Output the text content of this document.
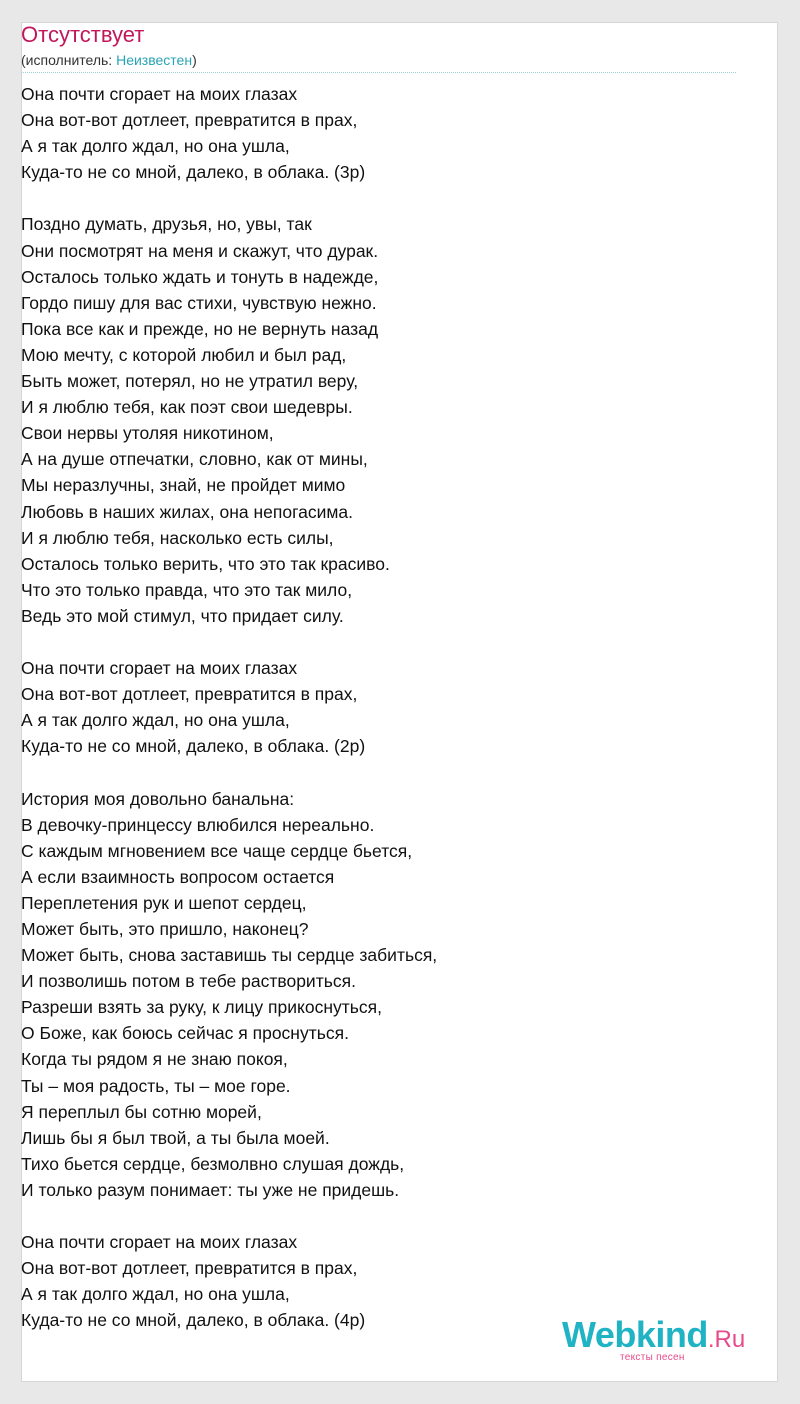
Отсутствует
(исполнитель: Неизвестен)
Она почти сгорает на моих глазах
Она вот-вот дотлеет, превратится в прах,
А я так долго ждал, но она ушла,
Куда-то не со мной, далеко, в облака. (3р)
Поздно думать, друзья, но, увы, так
Они посмотрят на меня и скажут, что дурак.
Осталось только ждать и тонуть в надежде,
Гордо пишу для вас стихи, чувствую нежно.
Пока все как и прежде, но не вернуть назад
Мою мечту, с которой любил и был рад,
Быть может, потерял, но не утратил веру,
И я люблю тебя, как поэт свои шедевры.
Свои нервы утоляя никотином,
А на душе отпечатки, словно, как от мины,
Мы неразлучны, знай, не пройдет мимо
Любовь в наших жилах, она непогасима.
И я люблю тебя, насколько есть силы,
Осталось только верить, что это так красиво.
Что это только правда, что это так мило,
Ведь это мой стимул, что придает силу.
Она почти сгорает на моих глазах
Она вот-вот дотлеет, превратится в прах,
А я так долго ждал, но она ушла,
Куда-то не со мной, далеко, в облака. (2р)
История моя довольно банальна:
В девочку-принцессу влюбился нереально.
С каждым мгновением все чаще сердце бьется,
А если взаимность вопросом остается
Переплетения рук и шепот сердец,
Может быть, это пришло, наконец?
Может быть, снова заставишь ты сердце забиться,
И позволишь потом в тебе раствориться.
Разреши взять за руку, к лицу прикоснуться,
О Боже, как боюсь сейчас я проснуться.
Когда ты рядом я не знаю покоя,
Ты – моя радость, ты – мое горе.
Я переплыл бы сотню морей,
Лишь бы я был твой, а ты была моей.
Тихо бьется сердце, безмолвно слушая дождь,
И только разум понимает: ты уже не придешь.
Она почти сгорает на моих глазах
Она вот-вот дотлеет, превратится в прах,
А я так долго ждал, но она ушла,
Куда-то не со мной, далеко, в облака. (4р)	Webkind.Ru
тексты песен
